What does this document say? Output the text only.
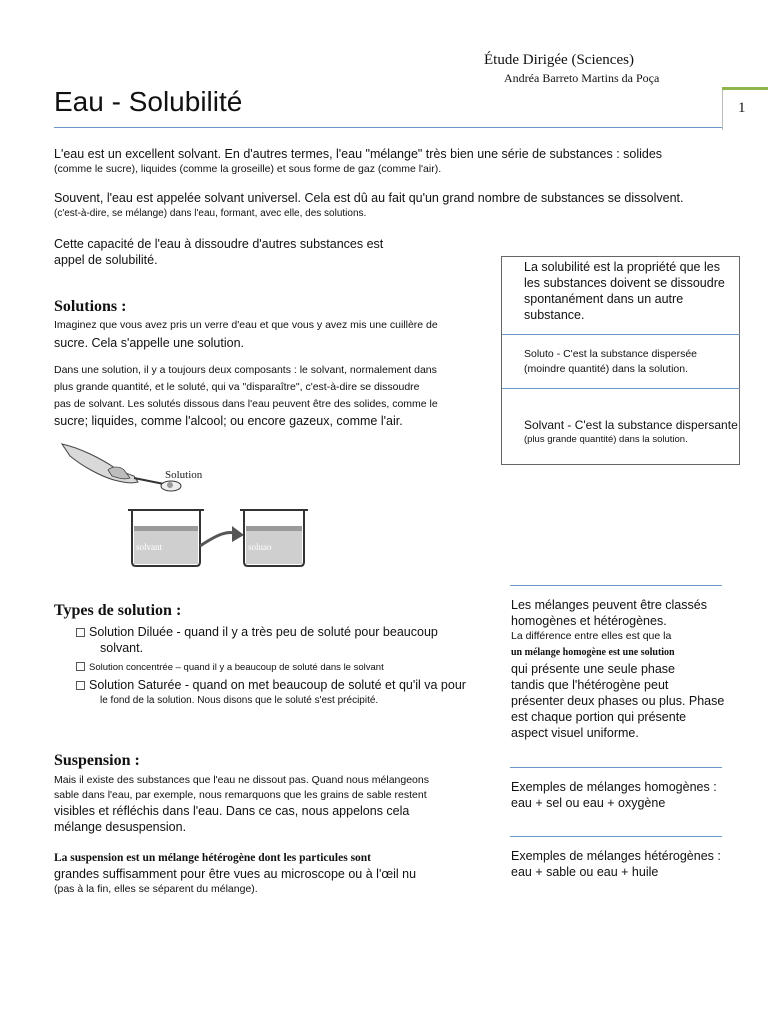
Étude Dirigée (Sciences)
Andréa Barreto Martins da Poça
1
Eau - Solubilité
L'eau est un excellent solvant. En d'autres termes, l'eau "mélange" très bien une série de substances : solides
(comme le sucre), liquides (comme la groseille) et sous forme de gaz (comme l'air).
Souvent, l'eau est appelée solvant universel. Cela est dû au fait qu'un grand nombre de substances se dissolvent.
(c'est-à-dire, se mélange) dans l'eau, formant, avec elle, des solutions.
Cette capacité de l'eau à dissoudre d'autres substances est
appel de solubilité.	La solubilité est la propriété que les
les substances doivent se dissoudre
spontanément dans un autre
substance.
Soluto - C'est la substance dispersée
(moindre quantité) dans la solution.
Solvant - C'est la substance dispersante
(plus grande quantité) dans la solution.
Solutions :
Imaginez que vous avez pris un verre d'eau et que vous y avez mis une cuillère de
sucre. Cela s'appelle une solution.
Dans une solution, il y a toujours deux composants : le solvant, normalement dans
plus grande quantité, et le soluté, qui va "disparaître", c'est-à-dire se dissoudre
pas de solvant. Les solutés dissous dans l'eau peuvent être des solides, comme le
sucre; liquides, comme l'alcool; ou encore gazeux, comme l'air.
Solution
solvant	soluao
Les mélanges peuvent être classés
homogènes et hétérogènes.
La différence entre elles est que la
un mélange homogène est une solution
qui présente une seule phase
tandis que l'hétérogène peut
présenter deux phases ou plus. Phase
est chaque portion qui présente
aspect visuel uniforme.
Exemples de mélanges homogènes :
eau + sel ou eau + oxygène
Exemples de mélanges hétérogènes :
eau + sable ou eau + huile
Types de solution :
Solution Diluée - quand il y a très peu de soluté pour beaucoup
solvant.
Solution concentrée – quand il y a beaucoup de soluté dans le solvant
Solution Saturée - quand on met beaucoup de soluté et qu'il va pour
le fond de la solution. Nous disons que le soluté s'est précipité.
Suspension :
Mais il existe des substances que l'eau ne dissout pas. Quand nous mélangeons
sable dans l'eau, par exemple, nous remarquons que les grains de sable restent
visibles et réfléchis dans l'eau. Dans ce cas, nous appelons cela
mélange desuspension.
La suspension est un mélange hétérogène dont les particules sont
grandes suffisamment pour être vues au microscope ou à l'œil nu
(pas à la fin, elles se séparent du mélange).
